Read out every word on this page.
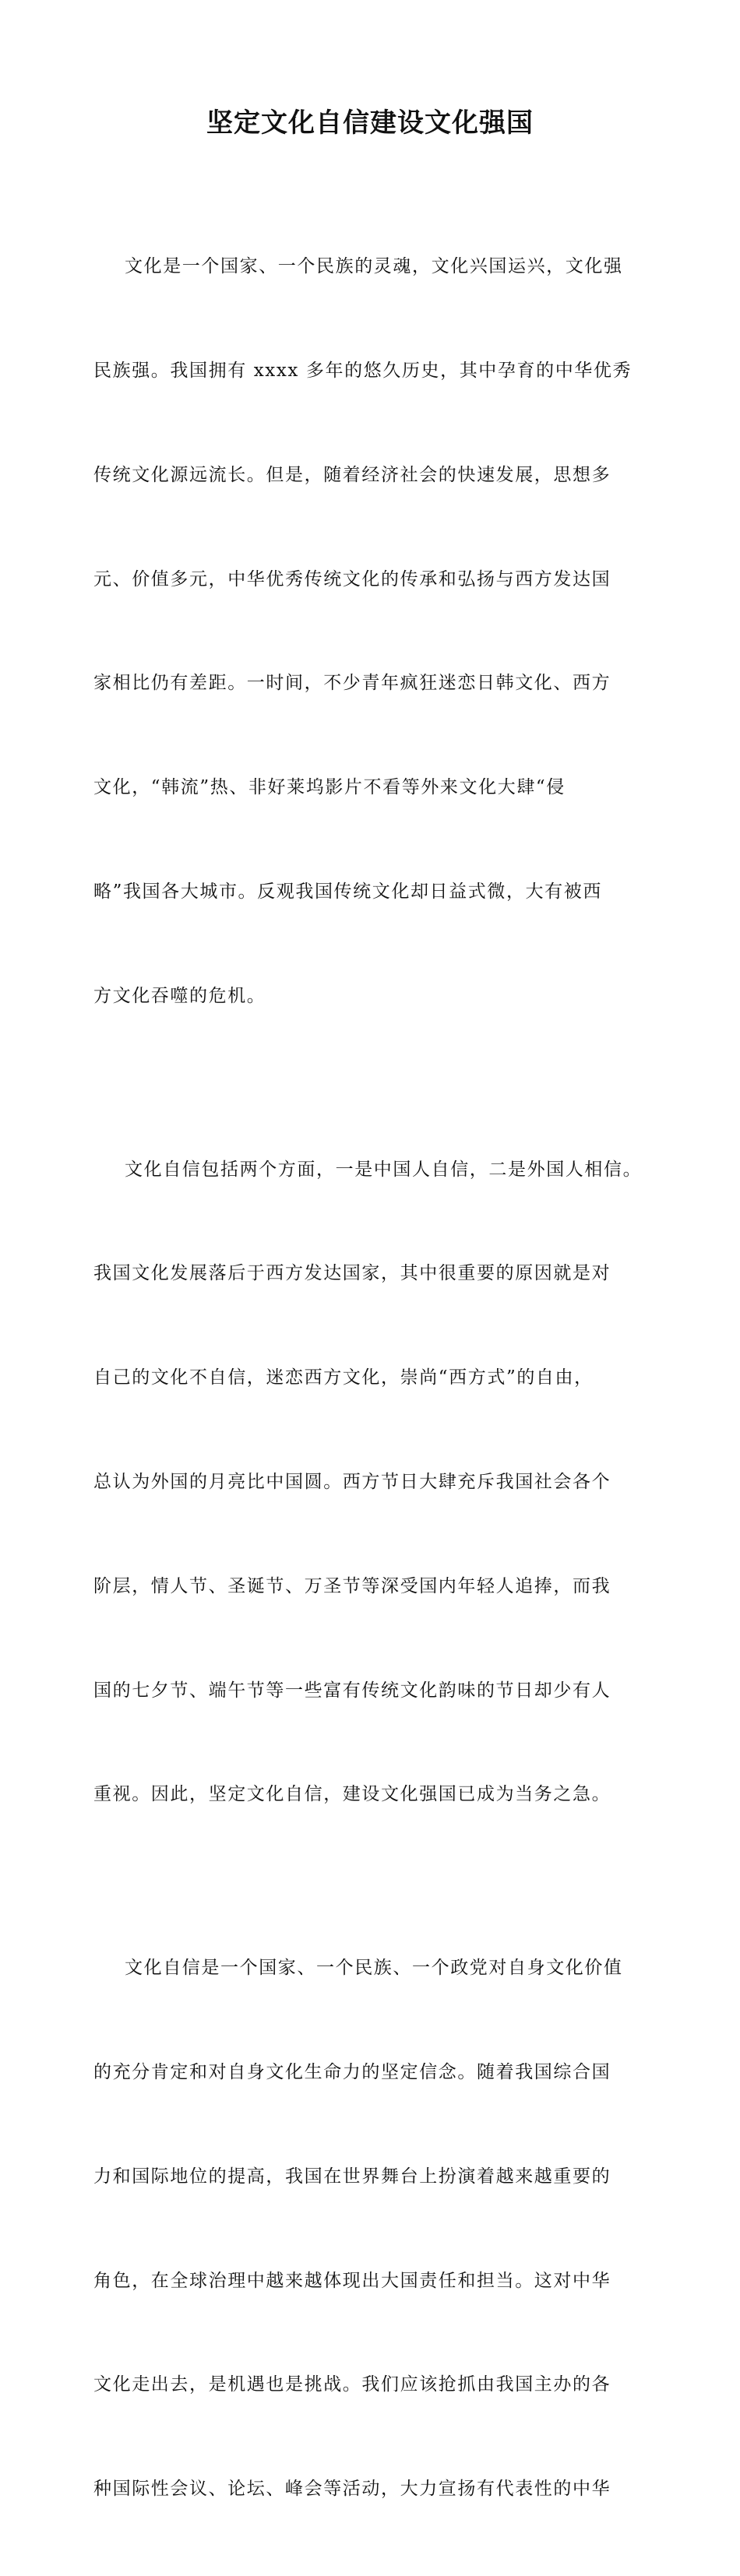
坚定文化自信建设文化强国

文化是一个国家、一个民族的灵魂，文化兴国运兴，文化强

民族强。我国拥有 xxxx 多年的悠久历史，其中孕育的中华优秀

传统文化源远流长。但是，随着经济社会的快速发展，思想多

元、价值多元，中华优秀传统文化的传承和弘扬与西方发达国

家相比仍有差距。一时间，不少青年疯狂迷恋日韩文化、西方

文化，“韩流”热、非好莱坞影片不看等外来文化大肆“侵

略”我国各大城市。反观我国传统文化却日益式微，大有被西

方文化吞噬的危机。

文化自信包括两个方面，一是中国人自信，二是外国人相信。

我国文化发展落后于西方发达国家，其中很重要的原因就是对

自己的文化不自信，迷恋西方文化，崇尚“西方式”的自由，

总认为外国的月亮比中国圆。西方节日大肆充斥我国社会各个

阶层，情人节、圣诞节、万圣节等深受国内年轻人追捧，而我

国的七夕节、端午节等一些富有传统文化韵味的节日却少有人

重视。因此，坚定文化自信，建设文化强国已成为当务之急。

文化自信是一个国家、一个民族、一个政党对自身文化价值

的充分肯定和对自身文化生命力的坚定信念。随着我国综合国

力和国际地位的提高，我国在世界舞台上扮演着越来越重要的

角色，在全球治理中越来越体现出大国责任和担当。这对中华

文化走出去，是机遇也是挑战。我们应该抢抓由我国主办的各

种国际性会议、论坛、峰会等活动，大力宣扬有代表性的中华
